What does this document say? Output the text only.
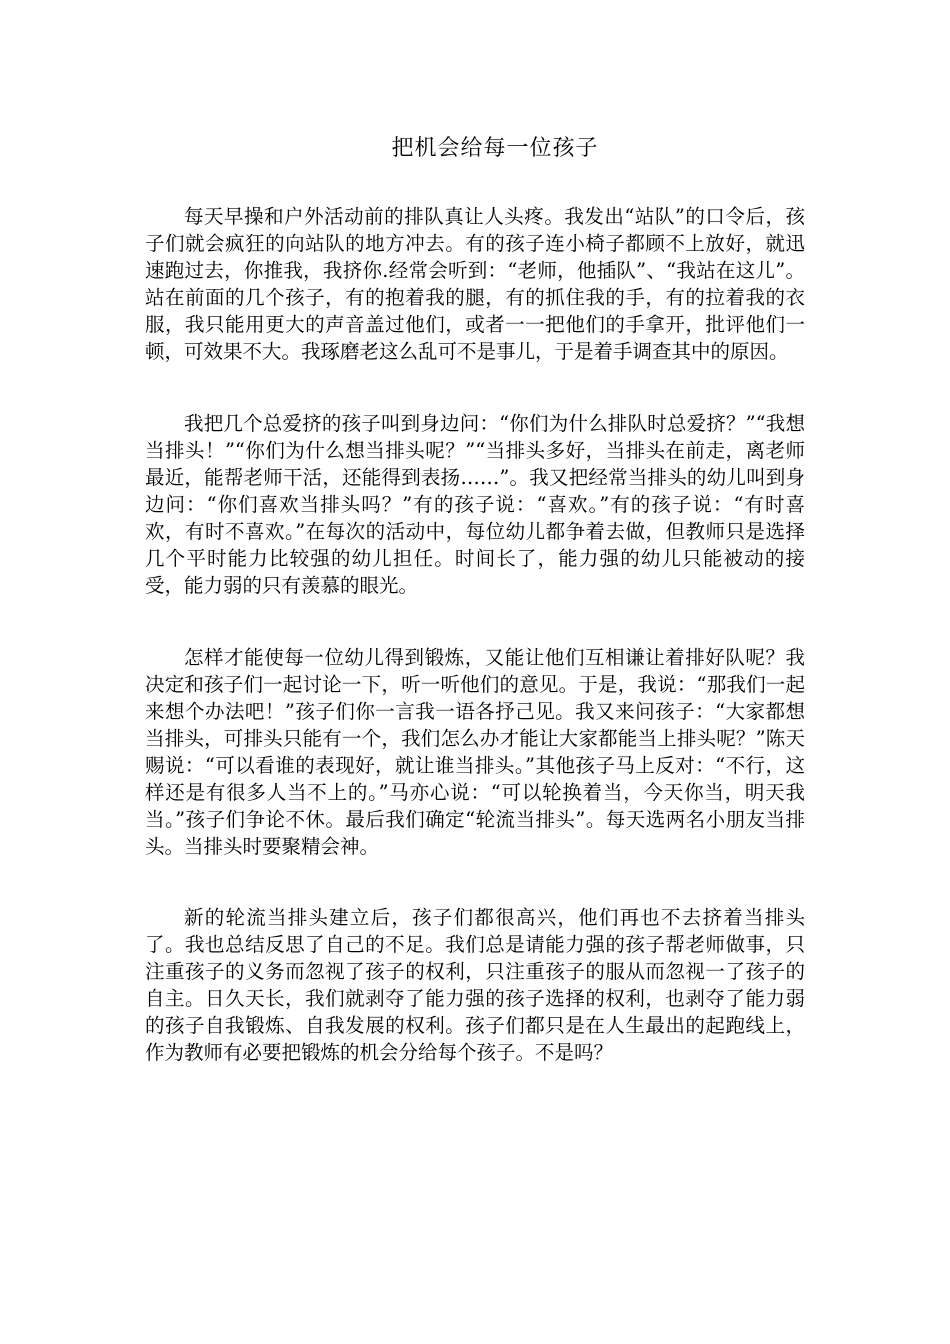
把机会给每一位孩子

每天早操和户外活动前的排队真让人头疼。我发出“站队”的口令后，孩子们就会疯狂的向站队的地方冲去。有的孩子连小椅子都顾不上放好，就迅速跑过去，你推我，我挤你.经常会听到：“老师，他插队”、“我站在这儿”。站在前面的几个孩子，有的抱着我的腿，有的抓住我的手，有的拉着我的衣服，我只能用更大的声音盖过他们，或者一一把他们的手拿开，批评他们一顿，可效果不大。我琢磨老这么乱可不是事儿，于是着手调查其中的原因。

我把几个总爱挤的孩子叫到身边问：“你们为什么排队时总爱挤？”“我想当排头！”“你们为什么想当排头呢？”“当排头多好，当排头在前走，离老师最近，能帮老师干活，还能得到表扬……”。我又把经常当排头的幼儿叫到身边问：“你们喜欢当排头吗？”有的孩子说：“喜欢。”有的孩子说：“有时喜欢，有时不喜欢。”在每次的活动中，每位幼儿都争着去做，但教师只是选择几个平时能力比较强的幼儿担任。时间长了，能力强的幼儿只能被动的接受，能力弱的只有羡慕的眼光。

怎样才能使每一位幼儿得到锻炼，又能让他们互相谦让着排好队呢？我决定和孩子们一起讨论一下，听一听他们的意见。于是，我说：“那我们一起来想个办法吧！”孩子们你一言我一语各抒己见。我又来问孩子：“大家都想当排头，可排头只能有一个，我们怎么办才能让大家都能当上排头呢？”陈天赐说：“可以看谁的表现好，就让谁当排头。”其他孩子马上反对：“不行，这样还是有很多人当不上的。”马亦心说：“可以轮换着当，今天你当，明天我当。”孩子们争论不休。最后我们确定“轮流当排头”。每天选两名小朋友当排头。当排头时要聚精会神。

新的轮流当排头建立后，孩子们都很高兴，他们再也不去挤着当排头了。我也总结反思了自己的不足。我们总是请能力强的孩子帮老师做事，只注重孩子的义务而忽视了孩子的权利，只注重孩子的服从而忽视一了孩子的自主。日久天长，我们就剥夺了能力强的孩子选择的权利，也剥夺了能力弱的孩子自我锻炼、自我发展的权利。孩子们都只是在人生最出的起跑线上，作为教师有必要把锻炼的机会分给每个孩子。不是吗？
